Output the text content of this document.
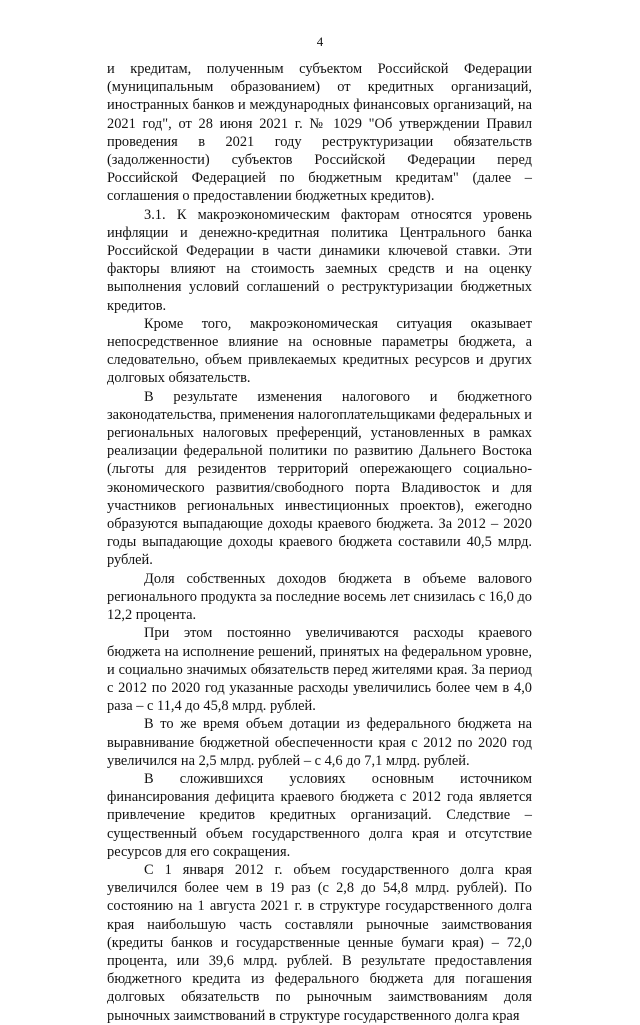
4

и кредитам, полученным субъектом Российской Федерации (муниципальным образованием) от кредитных организаций, иностранных банков и международных финансовых организаций, на 2021 год", от 28 июня 2021 г. № 1029 "Об утверждении Правил проведения в 2021 году реструктуризации обязательств (задолженности) субъектов Российской Федерации перед Российской Федерацией по бюджетным кредитам" (далее – соглашения о предоставлении бюджетных кредитов).

3.1. К макроэкономическим факторам относятся уровень инфляции и денежно-кредитная политика Центрального банка Российской Федерации в части динамики ключевой ставки. Эти факторы влияют на стоимость заемных средств и на оценку выполнения условий соглашений о реструктуризации бюджетных кредитов.

Кроме того, макроэкономическая ситуация оказывает непосредственное влияние на основные параметры бюджета, а следовательно, объем привлекаемых кредитных ресурсов и других долговых обязательств.

В результате изменения налогового и бюджетного законодательства, применения налогоплательщиками федеральных и региональных налоговых преференций, установленных в рамках реализации федеральной политики по развитию Дальнего Востока (льготы для резидентов территорий опережающего социально-экономического развития/свободного порта Владивосток и для участников региональных инвестиционных проектов), ежегодно образуются выпадающие доходы краевого бюджета. За 2012 – 2020 годы выпадающие доходы краевого бюджета составили 40,5 млрд. рублей.

Доля собственных доходов бюджета в объеме валового регионального продукта за последние восемь лет снизилась с 16,0 до 12,2 процента.

При этом постоянно увеличиваются расходы краевого бюджета на исполнение решений, принятых на федеральном уровне, и социально значимых обязательств перед жителями края. За период с 2012 по 2020 год указанные расходы увеличились более чем в 4,0 раза – с 11,4 до 45,8 млрд. рублей.

В то же время объем дотации из федерального бюджета на выравнивание бюджетной обеспеченности края с 2012 по 2020 год увеличился на 2,5 млрд. рублей – с 4,6 до 7,1 млрд. рублей.

В сложившихся условиях основным источником финансирования дефицита краевого бюджета с 2012 года является привлечение кредитов кредитных организаций. Следствие – существенный объем государственного долга края и отсутствие ресурсов для его сокращения.

С 1 января 2012 г. объем государственного долга края увеличился более чем в 19 раз (с 2,8 до 54,8 млрд. рублей). По состоянию на 1 августа 2021 г. в структуре государственного долга края наибольшую часть составляли рыночные заимствования (кредиты банков и государственные ценные бумаги края) – 72,0 процента, или 39,6 млрд. рублей. В результате предоставления бюджетного кредита из федерального бюджета для погашения долговых обязательств по рыночным заимствованиям доля рыночных заимствований в структуре государственного долга края
